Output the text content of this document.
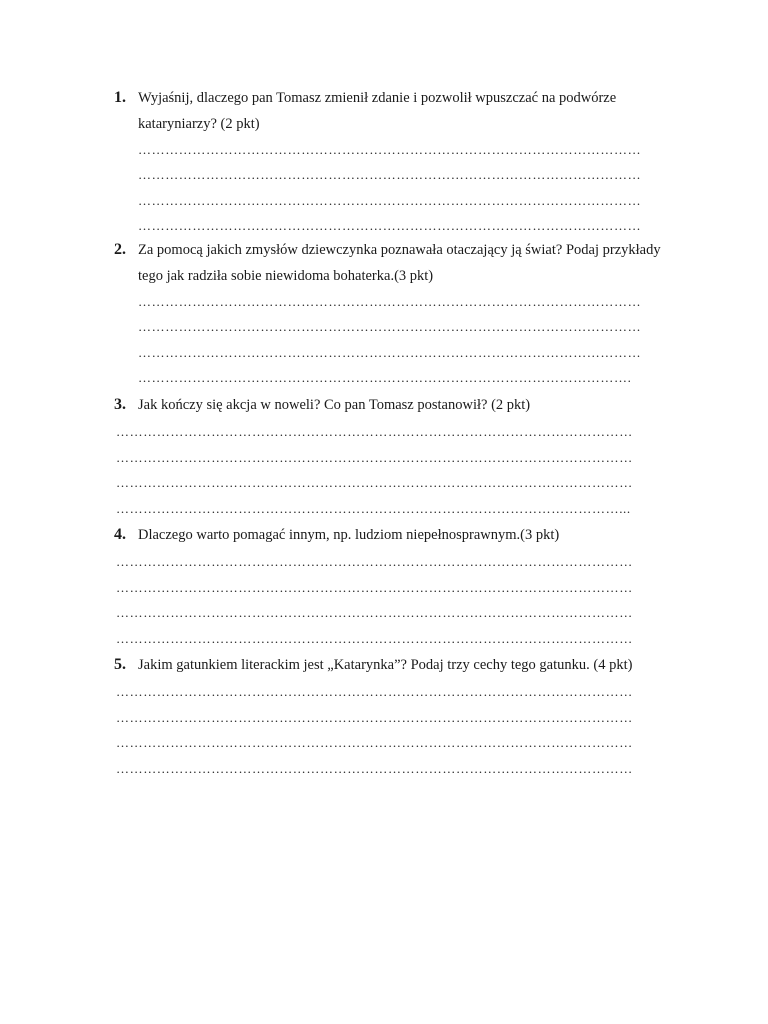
1. Wyjaśnij, dlaczego pan Tomasz zmienił zdanie i pozwolił wpuszczać na podwórze kataryniarzy? (2 pkt)
…………………………………………………………………………………………………
…………………………………………………………………………………………………
…………………………………………………………………………………………………
…………………………………………………………………………………………………
2. Za pomocą jakich zmysłów dziewczynka poznawała otaczający ją świat? Podaj przykłady tego jak radziła sobie niewidoma bohaterka.(3 pkt)
…………………………………………………………………………………………………
…………………………………………………………………………………………………
…………………………………………………………………………………………………
……………………………………………………………………………………………….
3. Jak kończy się akcja w noweli? Co pan Tomasz postanowił? (2 pkt)
……………………………………………………………………………………………………
……………………………………………………………………………………………………
……………………………………………………………………………………………………
…………………………………………………………………………………………………...
4. Dlaczego warto pomagać innym, np. ludziom niepełnosprawnym.(3 pkt)
……………………………………………………………………………………………………
……………………………………………………………………………………………………
……………………………………………………………………………………………………
……………………………………………………………………………………………………
5. Jakim gatunkiem literackim jest „Katarynka”? Podaj trzy cechy tego gatunku. (4 pkt)
……………………………………………………………………………………………………
……………………………………………………………………………………………………
……………………………………………………………………………………………………
……………………………………………………………………………………………………
